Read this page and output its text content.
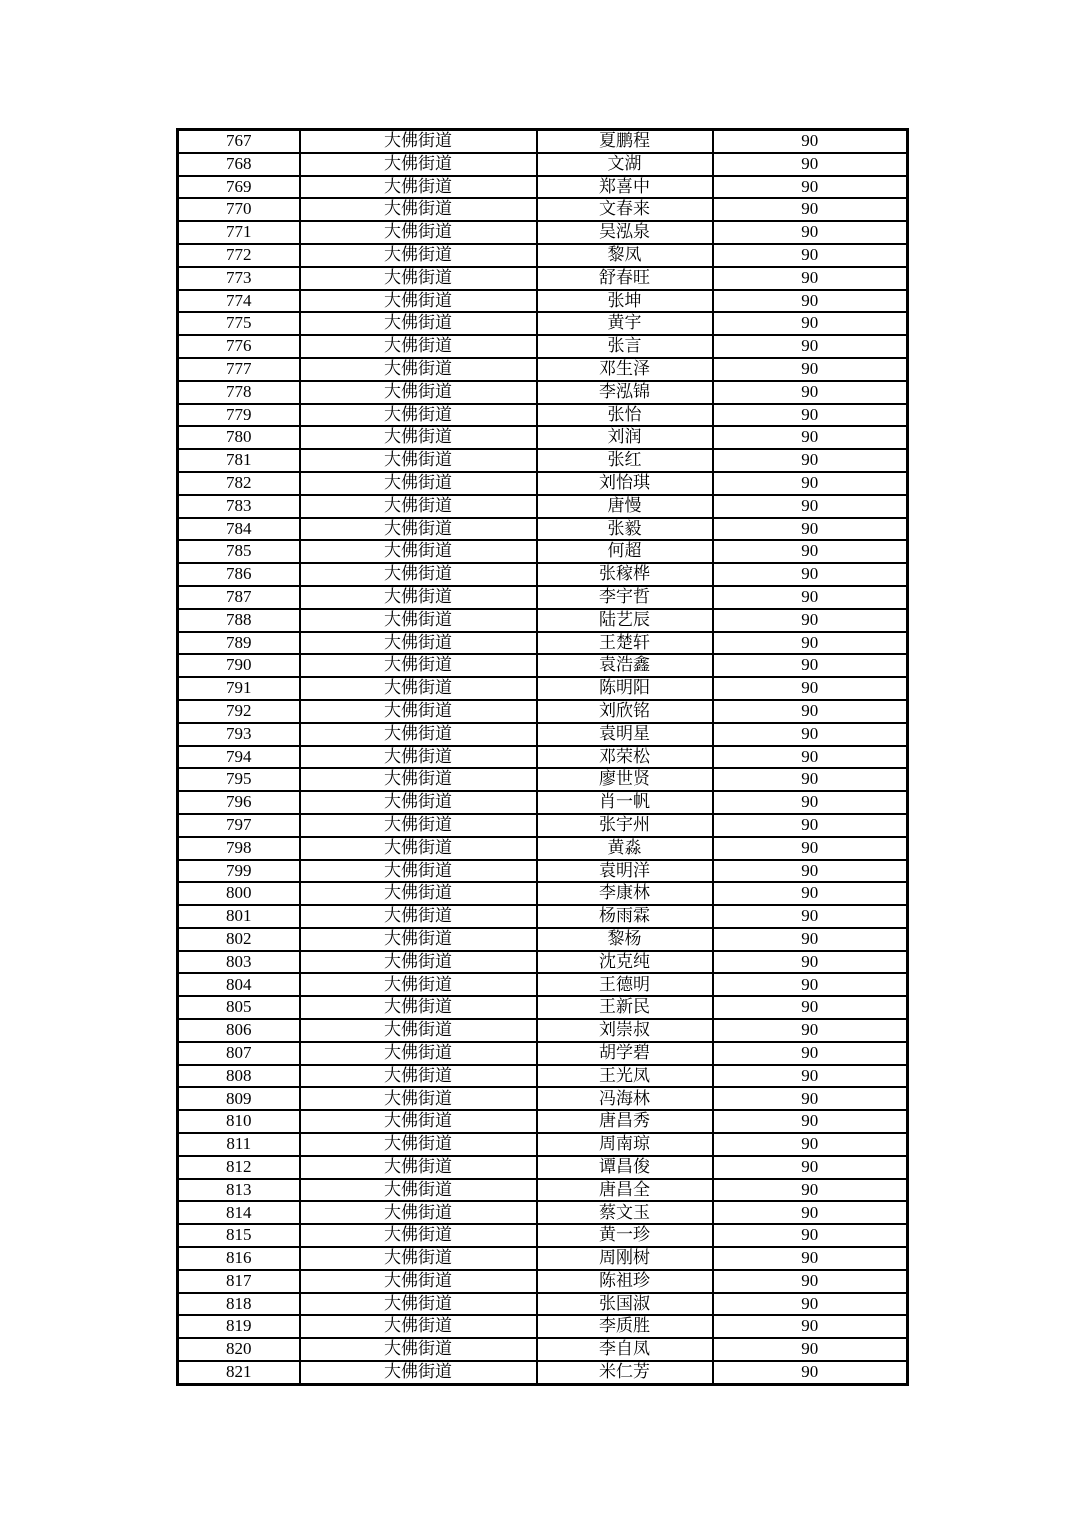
767	大佛街道	夏鹏程	90
768	大佛街道	文湖	90
769	大佛街道	郑喜中	90
770	大佛街道	文春来	90
771	大佛街道	吴泓泉	90
772	大佛街道	黎凤	90
773	大佛街道	舒春旺	90
774	大佛街道	张坤	90
775	大佛街道	黄宇	90
776	大佛街道	张言	90
777	大佛街道	邓生泽	90
778	大佛街道	李泓锦	90
779	大佛街道	张怡	90
780	大佛街道	刘润	90
781	大佛街道	张红	90
782	大佛街道	刘怡琪	90
783	大佛街道	唐慢	90
784	大佛街道	张毅	90
785	大佛街道	何超	90
786	大佛街道	张稼桦	90
787	大佛街道	李宇哲	90
788	大佛街道	陆艺辰	90
789	大佛街道	王楚轩	90
790	大佛街道	袁浩鑫	90
791	大佛街道	陈明阳	90
792	大佛街道	刘欣铭	90
793	大佛街道	袁明星	90
794	大佛街道	邓荣松	90
795	大佛街道	廖世贤	90
796	大佛街道	肖一帆	90
797	大佛街道	张宇州	90
798	大佛街道	黄淼	90
799	大佛街道	袁明洋	90
800	大佛街道	李康林	90
801	大佛街道	杨雨霖	90
802	大佛街道	黎杨	90
803	大佛街道	沈克纯	90
804	大佛街道	王德明	90
805	大佛街道	王新民	90
806	大佛街道	刘崇叔	90
807	大佛街道	胡学碧	90
808	大佛街道	王光凤	90
809	大佛街道	冯海林	90
810	大佛街道	唐昌秀	90
811	大佛街道	周南琼	90
812	大佛街道	谭昌俊	90
813	大佛街道	唐昌全	90
814	大佛街道	蔡文玉	90
815	大佛街道	黄一珍	90
816	大佛街道	周刚树	90
817	大佛街道	陈祖珍	90
818	大佛街道	张国淑	90
819	大佛街道	李质胜	90
820	大佛街道	李自凤	90
821	大佛街道	米仁芳	90
